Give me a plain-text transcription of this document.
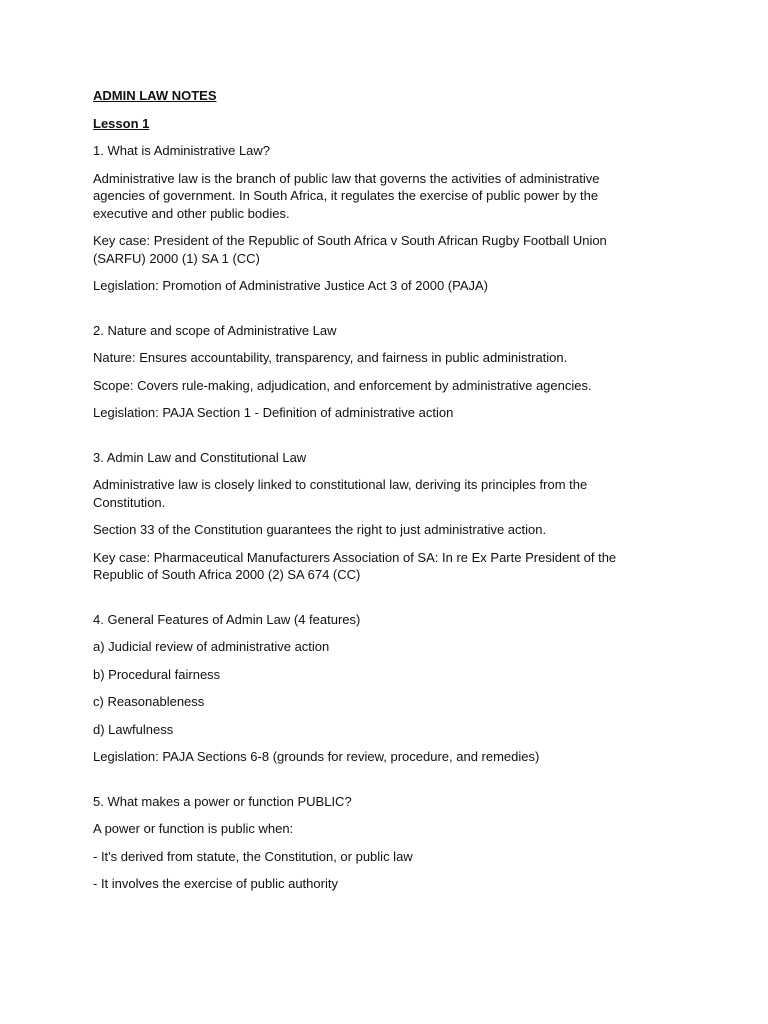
ADMIN LAW NOTES

Lesson 1

1. What is Administrative Law?

Administrative law is the branch of public law that governs the activities of administrative agencies of government. In South Africa, it regulates the exercise of public power by the executive and other public bodies.

Key case: President of the Republic of South Africa v South African Rugby Football Union (SARFU) 2000 (1) SA 1 (CC)

Legislation: Promotion of Administrative Justice Act 3 of 2000 (PAJA)

2. Nature and scope of Administrative Law

Nature: Ensures accountability, transparency, and fairness in public administration.

Scope: Covers rule-making, adjudication, and enforcement by administrative agencies.

Legislation: PAJA Section 1 - Definition of administrative action

3. Admin Law and Constitutional Law

Administrative law is closely linked to constitutional law, deriving its principles from the Constitution.

Section 33 of the Constitution guarantees the right to just administrative action.

Key case: Pharmaceutical Manufacturers Association of SA: In re Ex Parte President of the Republic of South Africa 2000 (2) SA 674 (CC)

4. General Features of Admin Law (4 features)

a) Judicial review of administrative action

b) Procedural fairness

c) Reasonableness

d) Lawfulness

Legislation: PAJA Sections 6-8 (grounds for review, procedure, and remedies)

5. What makes a power or function PUBLIC?

A power or function is public when:

- It's derived from statute, the Constitution, or public law

- It involves the exercise of public authority
